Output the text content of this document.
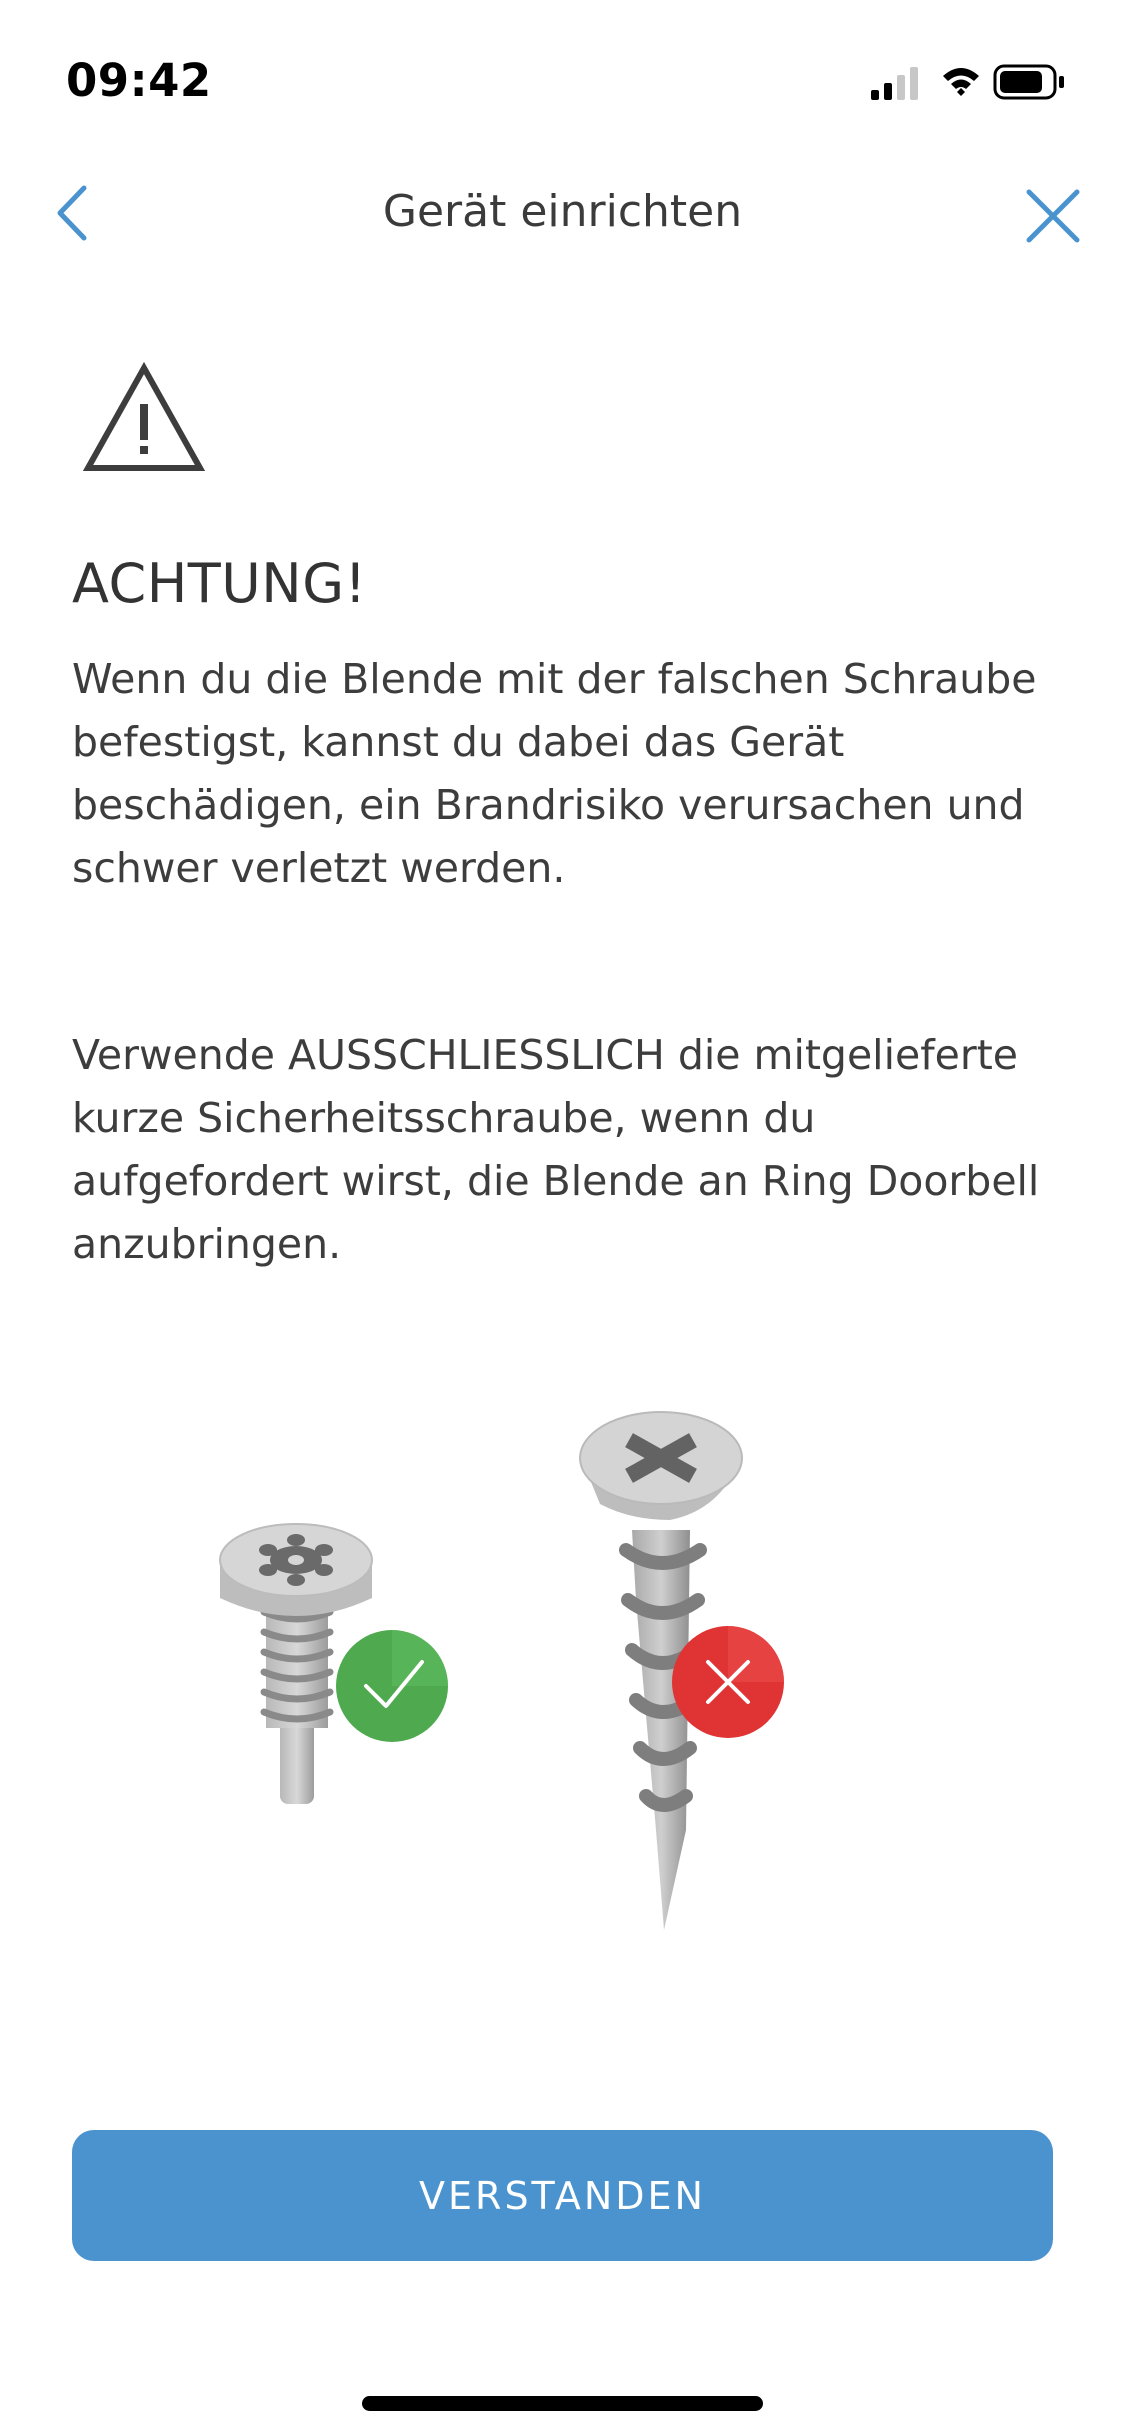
09:42
Gerät einrichten
ACHTUNG!

Wenn du die Blende mit der falschen Schraube befestigst, kannst du dabei das Gerät beschädigen, ein Brandrisiko verursachen und schwer verletzt werden.

Verwende AUSSCHLIESSLICH die mitgelieferte kurze Sicherheitsschraube, wenn du aufgefordert wirst, die Blende an Ring Doorbell anzubringen.

VERSTANDEN
